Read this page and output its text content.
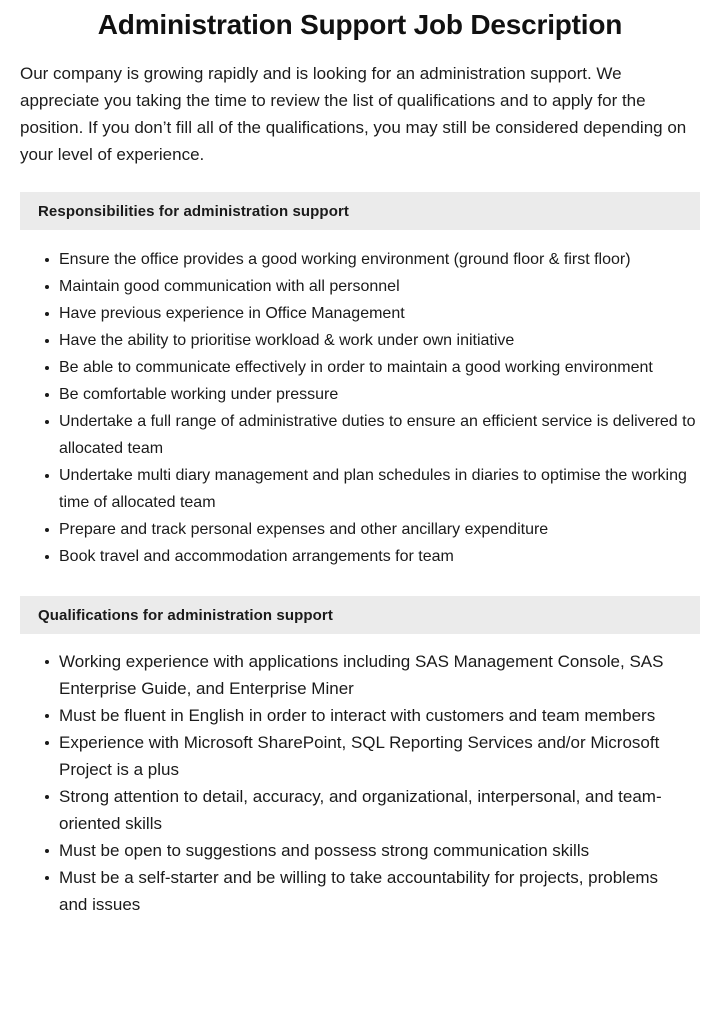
Administration Support Job Description

Our company is growing rapidly and is looking for an administration support. We appreciate you taking the time to review the list of qualifications and to apply for the position. If you don’t fill all of the qualifications, you may still be considered depending on your level of experience.

Responsibilities for administration support
Ensure the office provides a good working environment (ground floor & first floor)
Maintain good communication with all personnel
Have previous experience in Office Management
Have the ability to prioritise workload & work under own initiative
Be able to communicate effectively in order to maintain a good working environment
Be comfortable working under pressure
Undertake a full range of administrative duties to ensure an efficient service is delivered to allocated team
Undertake multi diary management and plan schedules in diaries to optimise the working time of allocated team
Prepare and track personal expenses and other ancillary expenditure
Book travel and accommodation arrangements for team
Qualifications for administration support
Working experience with applications including SAS Management Console, SAS Enterprise Guide, and Enterprise Miner
Must be fluent in English in order to interact with customers and team members
Experience with Microsoft SharePoint, SQL Reporting Services and/or Microsoft Project is a plus
Strong attention to detail, accuracy, and organizational, interpersonal, and team-oriented skills
Must be open to suggestions and possess strong communication skills
Must be a self-starter and be willing to take accountability for projects, problems and issues
